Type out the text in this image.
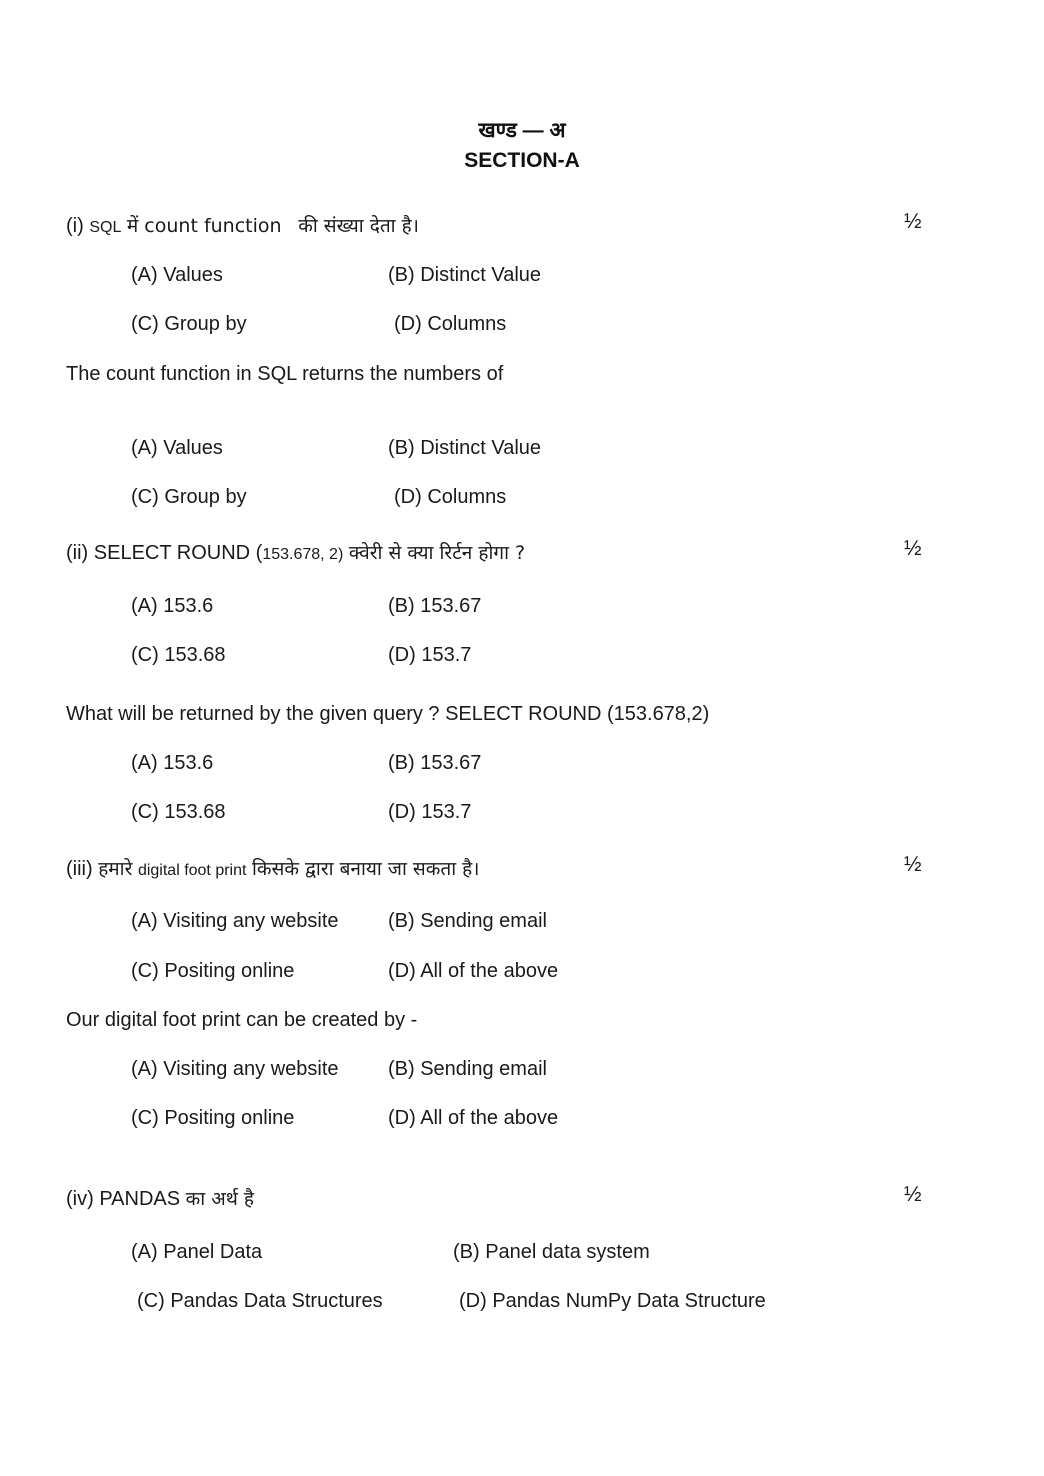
खण्ड — अ
SECTION-A
(i) SQL में count function की संख्या देता है।	½
(A) Values	(B) Distinct Value
(C) Group by	(D) Columns
The count function in SQL returns the numbers of
(A) Values	(B) Distinct Value
(C) Group by	(D) Columns
(ii) SELECT ROUND (153.678, 2) क्वेरी से क्या रिर्टन होगा ?	½
(A) 153.6	(B) 153.67
(C) 153.68	(D) 153.7
What will be returned by the given query ? SELECT ROUND (153.678,2)
(A) 153.6	(B) 153.67
(C) 153.68	(D) 153.7
(iii) हमारे digital foot print किसके द्वारा बनाया जा सकता है।	½
(A) Visiting any website (B) Sending email
(C) Positing online	(D) All of the above
Our digital foot print can be created by -
(A) Visiting any website (B) Sending email
(C) Positing online	(D) All of the above
(iv) PANDAS का अर्थ है	½
(A) Panel Data	(B) Panel data system
(C) Pandas Data Structures	(D) Pandas NumPy Data Structure
